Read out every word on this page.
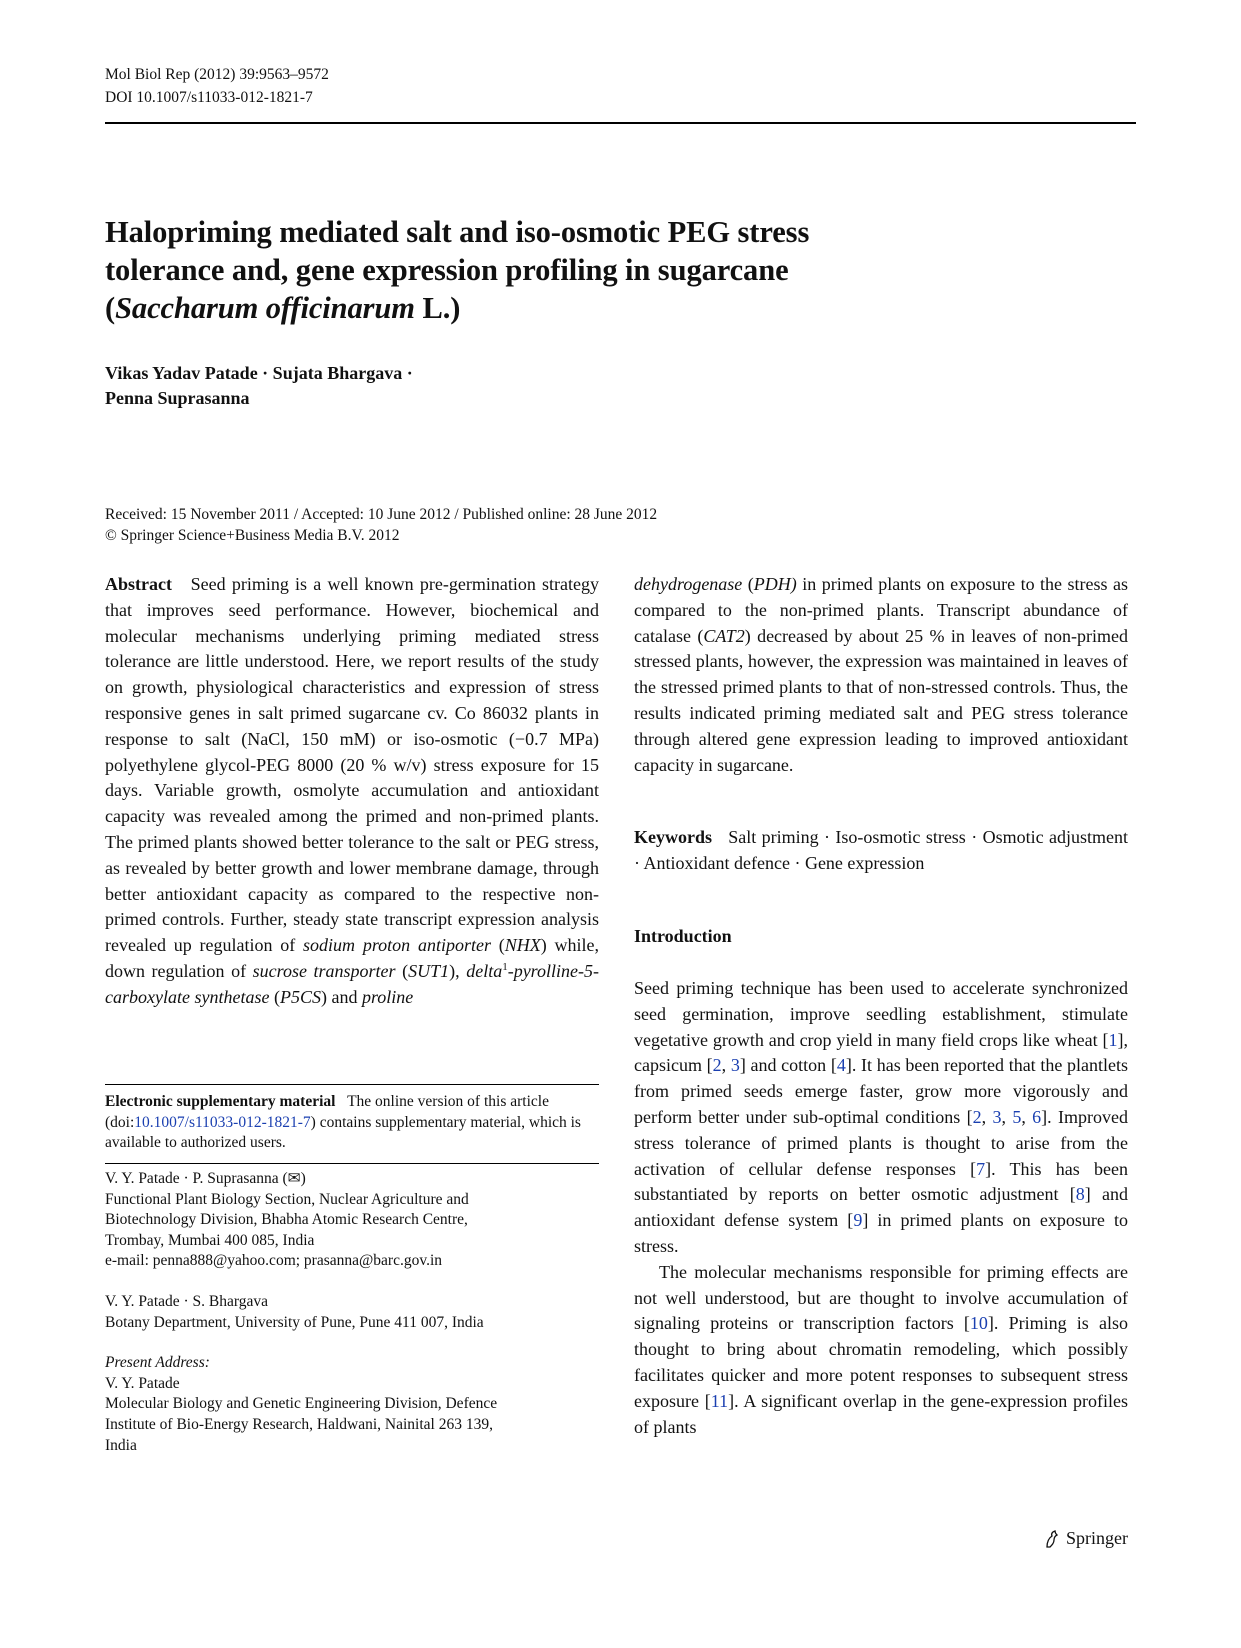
Mol Biol Rep (2012) 39:9563–9572
DOI 10.1007/s11033-012-1821-7
Halopriming mediated salt and iso-osmotic PEG stress
tolerance and, gene expression profiling in sugarcane
(Saccharum officinarum L.)
Vikas Yadav Patade · Sujata Bhargava ·
Penna Suprasanna
Received: 15 November 2011 / Accepted: 10 June 2012 / Published online: 28 June 2012
© Springer Science+Business Media B.V. 2012

Abstract Seed priming is a well known pre-germination strategy that improves seed performance. However, biochemical and molecular mechanisms underlying priming mediated stress tolerance are little understood. Here, we report results of the study on growth, physiological characteristics and expression of stress responsive genes in salt primed sugarcane cv. Co 86032 plants in response to salt (NaCl, 150 mM) or iso-osmotic (−0.7 MPa) polyethylene glycol-PEG 8000 (20 % w/v) stress exposure for 15 days. Variable growth, osmolyte accumulation and antioxidant capacity was revealed among the primed and non-primed plants. The primed plants showed better tolerance to the salt or PEG stress, as revealed by better growth and lower membrane damage, through better antioxidant capacity as compared to the respective non-primed controls. Further, steady state transcript expression analysis revealed up regulation of sodium proton antiporter (NHX) while, down regulation of sucrose transporter (SUT1), delta$^1$-pyrolline-5-carboxylate synthetase (P5CS) and proline

Electronic supplementary material The online version of this article (doi:10.1007/s11033-012-1821-7) contains supplementary material, which is available to authorized users.
V. Y. Patade · P. Suprasanna (✉)
Functional Plant Biology Section, Nuclear Agriculture and
Biotechnology Division, Bhabha Atomic Research Centre,
Trombay, Mumbai 400 085, India
e-mail: penna888@yahoo.com; prasanna@barc.gov.in
V. Y. Patade · S. Bhargava
Botany Department, University of Pune, Pune 411 007, India
Present Address:
V. Y. Patade
Molecular Biology and Genetic Engineering Division, Defence
Institute of Bio-Energy Research, Haldwani, Nainital 263 139,
India

dehydrogenase (PDH) in primed plants on exposure to the stress as compared to the non-primed plants. Transcript abundance of catalase (CAT2) decreased by about 25 % in leaves of non-primed stressed plants, however, the expression was maintained in leaves of the stressed primed plants to that of non-stressed controls. Thus, the results indicated priming mediated salt and PEG stress tolerance through altered gene expression leading to improved antioxidant capacity in sugarcane.

Keywords Salt priming · Iso-osmotic stress · Osmotic adjustment · Antioxidant defence · Gene expression

Introduction

Seed priming technique has been used to accelerate synchronized seed germination, improve seedling establishment, stimulate vegetative growth and crop yield in many field crops like wheat [1], capsicum [2, 3] and cotton [4]. It has been reported that the plantlets from primed seeds emerge faster, grow more vigorously and perform better under sub-optimal conditions [2, 3, 5, 6]. Improved stress tolerance of primed plants is thought to arise from the activation of cellular defense responses [7]. This has been substantiated by reports on better osmotic adjustment [8] and antioxidant defense system [9] in primed plants on exposure to stress.

The molecular mechanisms responsible for priming effects are not well understood, but are thought to involve accumulation of signaling proteins or transcription factors [10]. Priming is also thought to bring about chromatin remodeling, which possibly facilitates quicker and more potent responses to subsequent stress exposure [11]. A significant overlap in the gene-expression profiles of plants

Springer
